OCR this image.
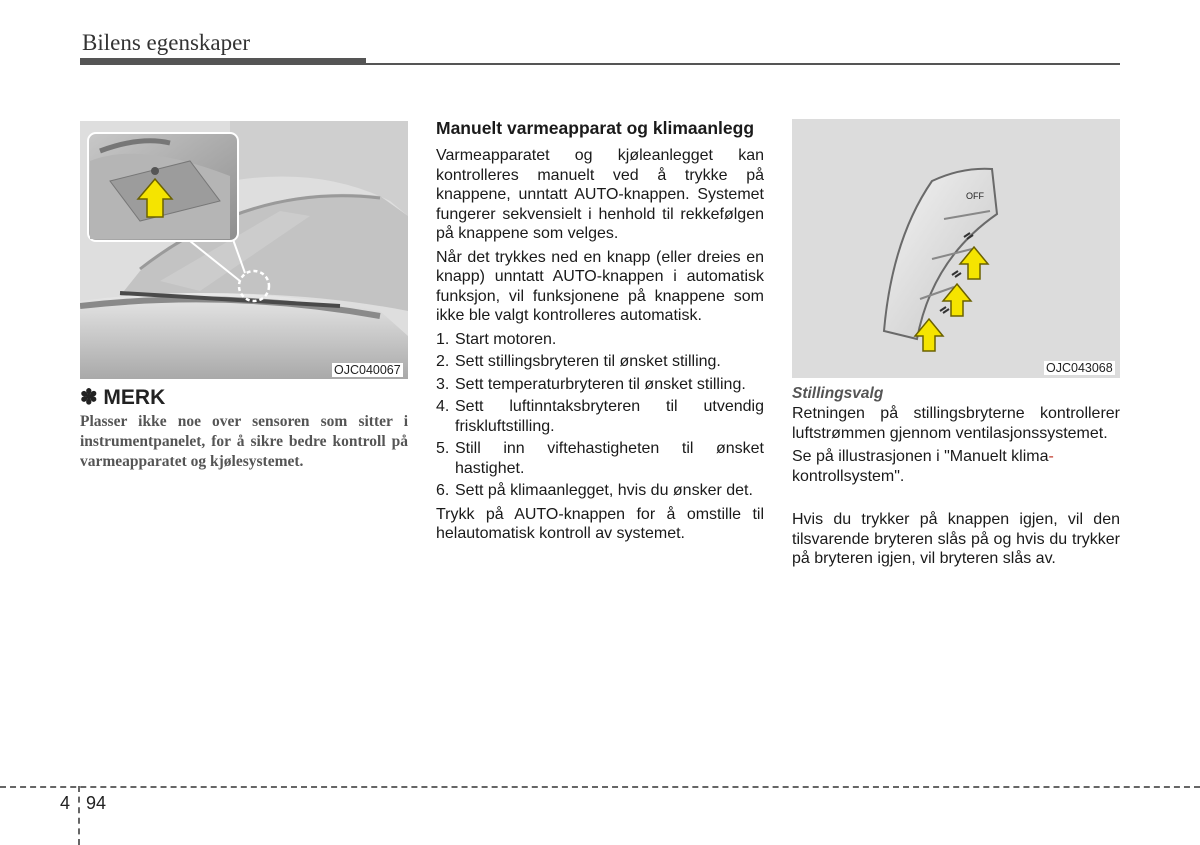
Bilens egenskaper
OJC040067
✽ MERK
Plasser ikke noe over sensoren som sitter i instrumentpanelet, for å sikre bedre kontroll på varmeapparatet og kjølesystemet.
Manuelt varmeapparat og klimaanlegg

Varmeapparatet og kjøleanlegget kan kontrolleres manuelt ved å trykke på knappene, unntatt AUTO-knappen. Systemet fungerer sekvensielt i henhold til rekkefølgen på knappene som velges.

Når det trykkes ned en knapp (eller dreies en knapp) unntatt AUTO-knappen i automatisk funksjon, vil funksjonene på knappene som ikke ble valgt kontrolleres automatisk.

1. Start motoren.
2. Sett stillingsbryteren til ønsket stilling.
3. Sett temperaturbryteren til ønsket stilling.
4. Sett luftinntaksbryteren til utvendig friskluftstilling.
5. Still inn viftehastigheten til ønsket hastighet.
6. Sett på klimaanlegget, hvis du ønsker det.

Trykk på AUTO-knappen for å omstille til helautomatisk kontroll av systemet.

OFF
OJC043068

Stillingsvalg

Retningen på stillingsbryterne kontrollerer luftstrømmen gjennom ventilasjonssystemet.

Se på illustrasjonen i "Manuelt klima-
kontrollsystem".

Hvis du trykker på knappen igjen, vil den tilsvarende bryteren slås på og hvis du trykker på bryteren igjen, vil bryteren slås av.

4 94
